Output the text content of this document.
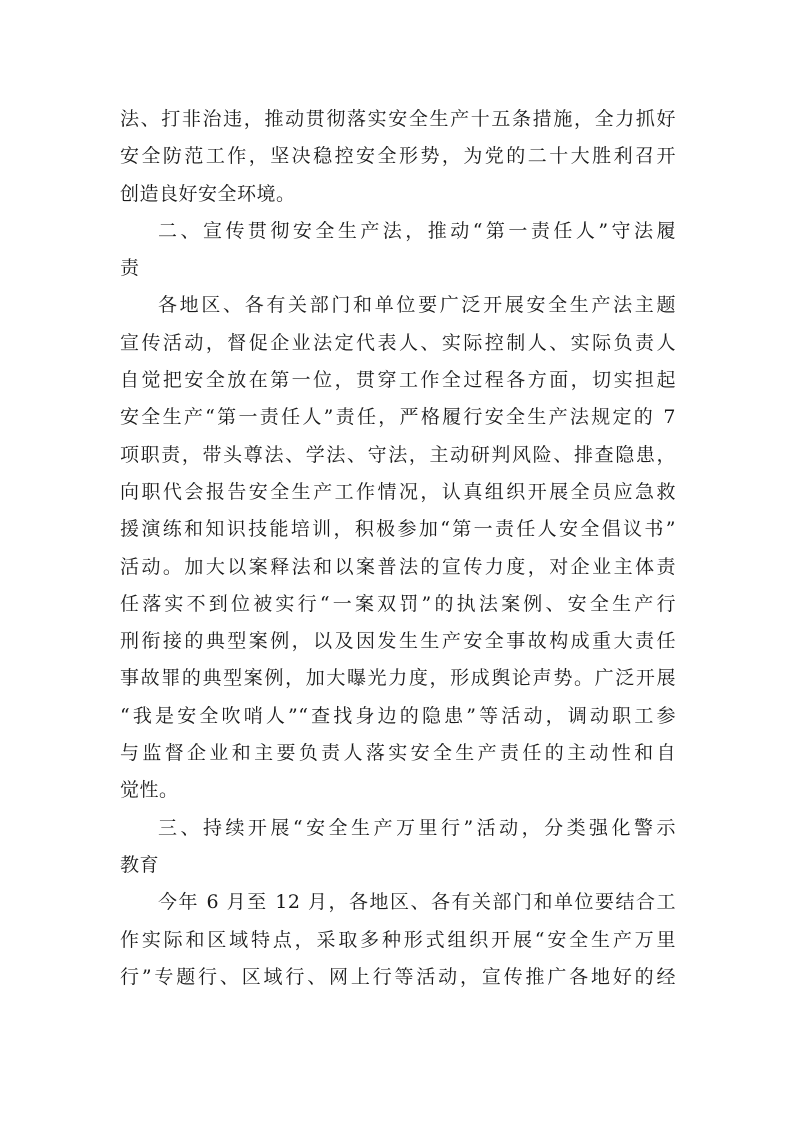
法、打非治违，推动贯彻落实安全生产十五条措施，全力抓好
安全防范工作，坚决稳控安全形势，为党的二十大胜利召开
创造良好安全环境。
二、宣传贯彻安全生产法，推动“第一责任人”守法履
责
各地区、各有关部门和单位要广泛开展安全生产法主题
宣传活动，督促企业法定代表人、实际控制人、实际负责人
自觉把安全放在第一位，贯穿工作全过程各方面，切实担起
安全生产“第一责任人”责任，严格履行安全生产法规定的 7
项职责，带头尊法、学法、守法，主动研判风险、排查隐患，
向职代会报告安全生产工作情况，认真组织开展全员应急救
援演练和知识技能培训，积极参加“第一责任人安全倡议书”
活动。加大以案释法和以案普法的宣传力度，对企业主体责
任落实不到位被实行“一案双罚”的执法案例、安全生产行
刑衔接的典型案例，以及因发生生产安全事故构成重大责任
事故罪的典型案例，加大曝光力度，形成舆论声势。广泛开展
“我是安全吹哨人”“查找身边的隐患”等活动，调动职工参
与监督企业和主要负责人落实安全生产责任的主动性和自
觉性。
三、持续开展“安全生产万里行”活动，分类强化警示
教育
今年 6 月至 12 月，各地区、各有关部门和单位要结合工
作实际和区域特点，采取多种形式组织开展“安全生产万里
行”专题行、区域行、网上行等活动，宣传推广各地好的经
